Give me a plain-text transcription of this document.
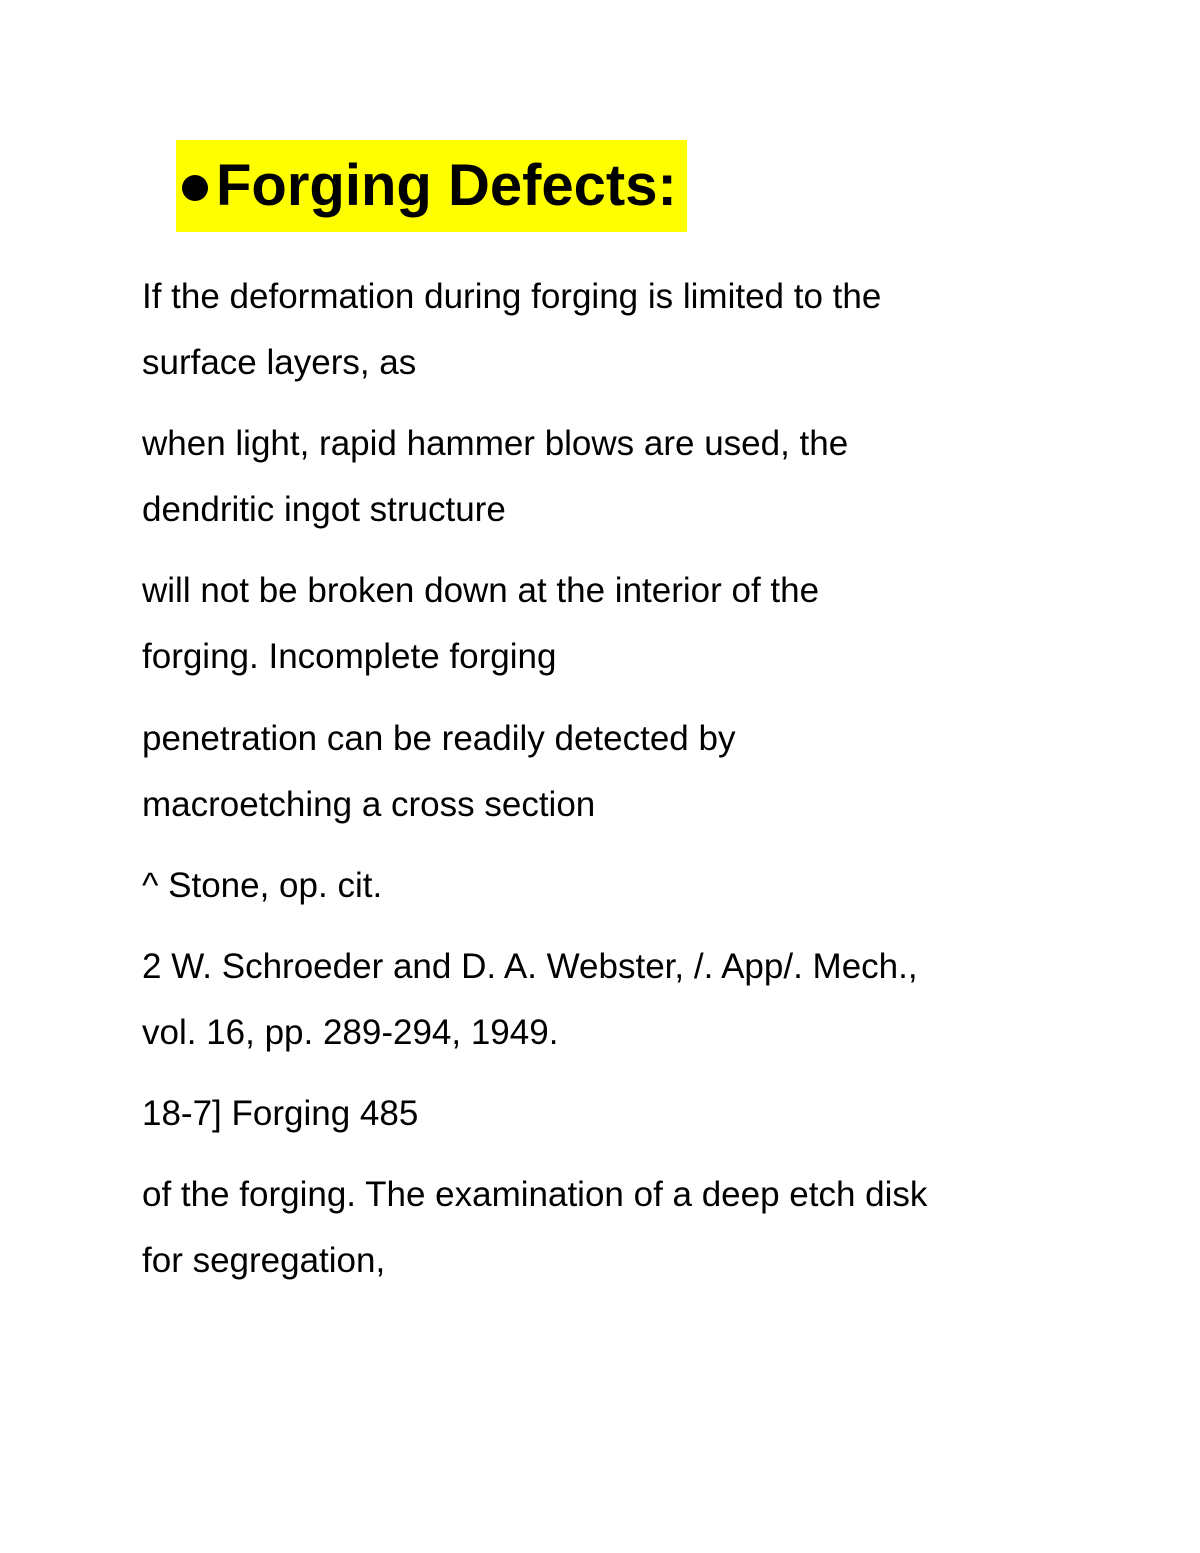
Forging Defects:
If the deformation during forging is limited to the
surface layers, as
when light, rapid hammer blows are used, the
dendritic ingot structure
will not be broken down at the interior of the
forging. Incomplete forging
penetration can be readily detected by
macroetching a cross section
^ Stone, op. cit.
2 W. Schroeder and D. A. Webster, /. App/. Mech.,
vol. 16, pp. 289-294, 1949.
18-7] Forging 485
of the forging. The examination of a deep etch disk
for segregation,
